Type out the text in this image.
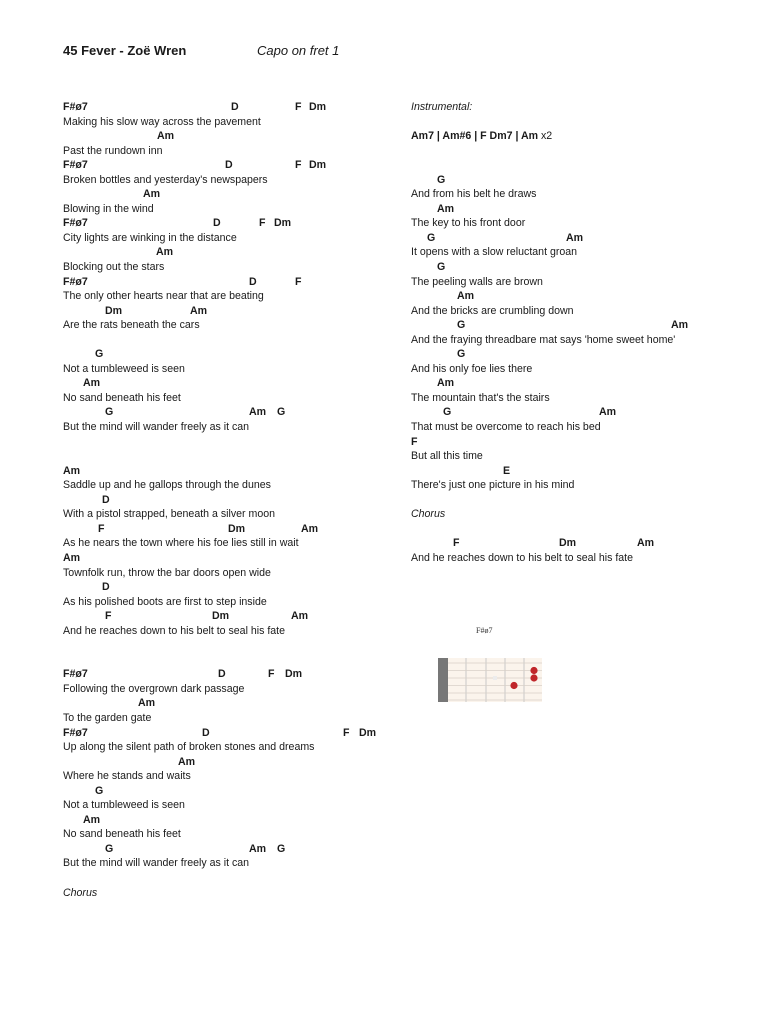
45 Fever - Zoë Wren	Capo on fret 1
F#ø7	D	F Dm
Making his slow way across the pavement
Am
Past the rundown inn
F#ø7	D	F Dm
Broken bottles and yesterday's newspapers
Am
Blowing in the wind
F#ø7	D	F Dm
City lights are winking in the distance
Am
Blocking out the stars
F#ø7	D	F
The only other hearts near that are beating
Dm	Am
Are the rats beneath the cars
G
Not a tumbleweed is seen
Am
No sand beneath his feet
G	Am G
But the mind will wander freely as it can
Am
Saddle up and he gallops through the dunes
D
With a pistol strapped, beneath a silver moon
F	Dm	Am
As he nears the town where his foe lies still in wait
Am
Townfolk run, throw the bar doors open wide
D
As his polished boots are first to step inside
F	Dm	Am
And he reaches down to his belt to seal his fate
F#ø7	D	F Dm
Following the overgrown dark passage
Am
To the garden gate
F#ø7	D	F Dm
Up along the silent path of broken stones and dreams
Am
Where he stands and waits
G
Not a tumbleweed is seen
Am
No sand beneath his feet
G	Am G
But the mind will wander freely as it can
Chorus
Instrumental:
Am7 | Am#6 | F Dm7 | Am x2
G
And from his belt he draws
Am
The key to his front door
G	Am
It opens with a slow reluctant groan
G
The peeling walls are brown
Am
And the bricks are crumbling down
G	Am
And the fraying threadbare mat says 'home sweet home'
G
And his only foe lies there
Am
The mountain that's the stairs
G	Am
That must be overcome to reach his bed
F
But all this time
E
There's just one picture in his mind
Chorus
F	Dm	Am
And he reaches down to his belt to seal his fate
F#ø7
